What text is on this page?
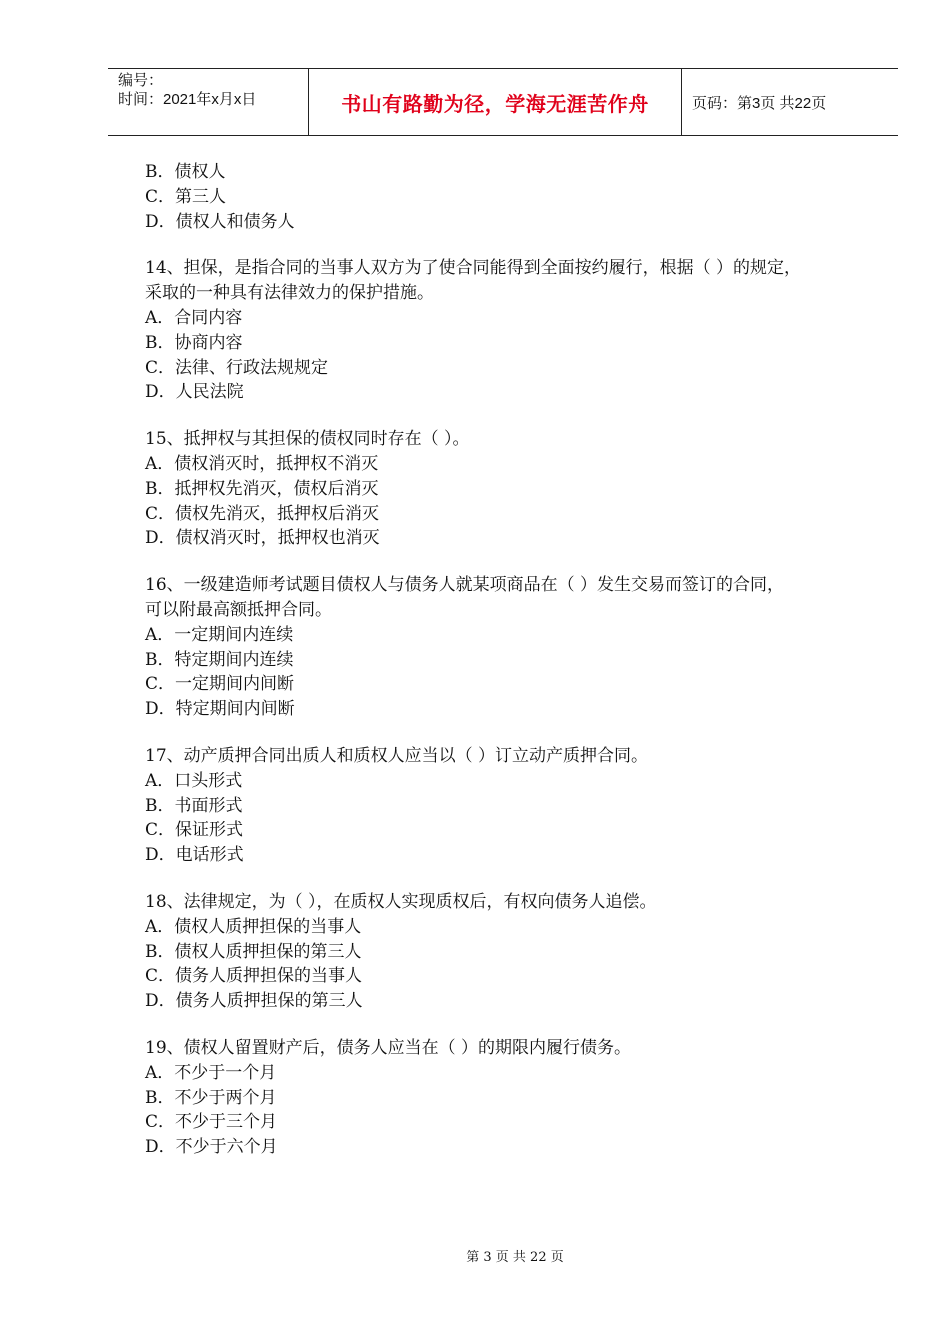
编号：
时间：2021年x月x日	书山有路勤为径，学海无涯苦作舟	页码：第3页 共22页
B．债权人
C．第三人
D．债权人和债务人
14、担保，是指合同的当事人双方为了使合同能得到全面按约履行，根据（ ）的规定，
采取的一种具有法律效力的保护措施。
A．合同内容
B．协商内容
C．法律、行政法规规定
D．人民法院
15、抵押权与其担保的债权同时存在（ ）。
A．债权消灭时，抵押权不消灭
B．抵押权先消灭，债权后消灭
C．债权先消灭，抵押权后消灭
D．债权消灭时，抵押权也消灭
16、一级建造师考试题目债权人与债务人就某项商品在（ ）发生交易而签订的合同，
可以附最高额抵押合同。
A．一定期间内连续
B．特定期间内连续
C．一定期间内间断
D．特定期间内间断
17、动产质押合同出质人和质权人应当以（ ）订立动产质押合同。
A．口头形式
B．书面形式
C．保证形式
D．电话形式
18、法律规定，为（ ），在质权人实现质权后，有权向债务人追偿。
A．债权人质押担保的当事人
B．债权人质押担保的第三人
C．债务人质押担保的当事人
D．债务人质押担保的第三人
19、债权人留置财产后，债务人应当在（ ）的期限内履行债务。
A．不少于一个月
B．不少于两个月
C．不少于三个月
D．不少于六个月
第 3 页 共 22 页
